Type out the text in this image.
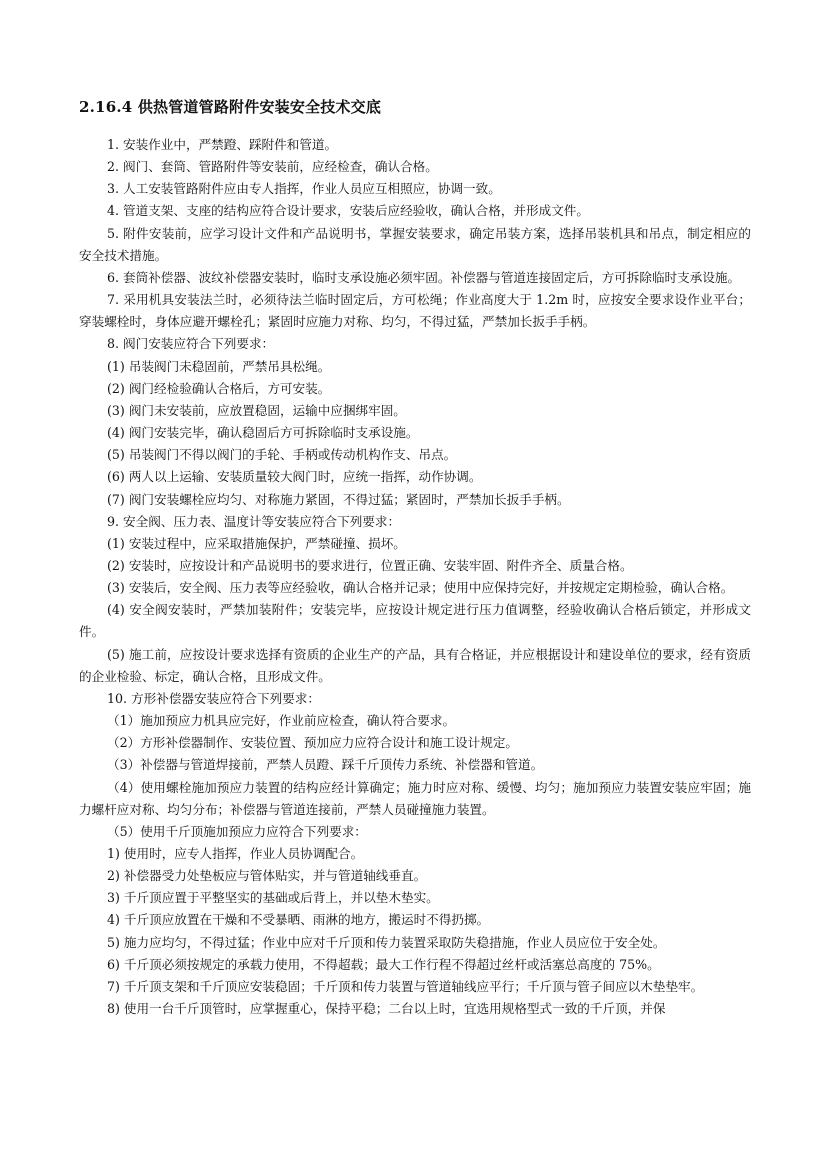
2.16.4 供热管道管路附件安装安全技术交底

1. 安装作业中，严禁蹬、踩附件和管道。

2. 阀门、套筒、管路附件等安装前，应经检查，确认合格。

3. 人工安装管路附件应由专人指挥，作业人员应互相照应，协调一致。

4. 管道支架、支座的结构应符合设计要求，安装后应经验收，确认合格，并形成文件。

5. 附件安装前，应学习设计文件和产品说明书，掌握安装要求，确定吊装方案，选择吊装机具和吊点，制定相应的安全技术措施。

6. 套筒补偿器、波纹补偿器安装时，临时支承设施必须牢固。补偿器与管道连接固定后，方可拆除临时支承设施。

7. 采用机具安装法兰时，必须待法兰临时固定后，方可松绳；作业高度大于 1.2m 时，应按安全要求设作业平台；穿装螺栓时，身体应避开螺栓孔；紧固时应施力对称、均匀，不得过猛，严禁加长扳手手柄。

8. 阀门安装应符合下列要求：

(1) 吊装阀门未稳固前，严禁吊具松绳。

(2) 阀门经检验确认合格后，方可安装。

(3) 阀门未安装前，应放置稳固，运输中应捆绑牢固。

(4) 阀门安装完毕，确认稳固后方可拆除临时支承设施。

(5) 吊装阀门不得以阀门的手轮、手柄或传动机构作支、吊点。

(6) 两人以上运输、安装质量较大阀门时，应统一指挥，动作协调。

(7) 阀门安装螺栓应均匀、对称施力紧固，不得过猛；紧固时，严禁加长扳手手柄。

9. 安全阀、压力表、温度计等安装应符合下列要求：

(1) 安装过程中，应采取措施保护，严禁碰撞、损坏。

(2) 安装时，应按设计和产品说明书的要求进行，位置正确、安装牢固、附件齐全、质量合格。

(3) 安装后，安全阀、压力表等应经验收，确认合格并记录；使用中应保持完好，并按规定定期检验，确认合格。

(4) 安全阀安装时，严禁加装附件；安装完毕，应按设计规定进行压力值调整，经验收确认合格后锁定，并形成文件。

(5) 施工前，应按设计要求选择有资质的企业生产的产品，具有合格证，并应根据设计和建设单位的要求，经有资质的企业检验、标定，确认合格，且形成文件。

10. 方形补偿器安装应符合下列要求：

（1）施加预应力机具应完好，作业前应检查，确认符合要求。

（2）方形补偿器制作、安装位置、预加应力应符合设计和施工设计规定。

（3）补偿器与管道焊接前，严禁人员蹬、踩千斤顶传力系统、补偿器和管道。

（4）使用螺栓施加预应力装置的结构应经计算确定；施力时应对称、缓慢、均匀；施加预应力装置安装应牢固；施力螺杆应对称、均匀分布；补偿器与管道连接前，严禁人员碰撞施力装置。

（5）使用千斤顶施加预应力应符合下列要求：

1) 使用时，应专人指挥，作业人员协调配合。

2) 补偿器受力处垫板应与管体贴实，并与管道轴线垂直。

3) 千斤顶应置于平整坚实的基础或后背上，并以垫木垫实。

4) 千斤顶应放置在干燥和不受暴晒、雨淋的地方，搬运时不得扔掷。

5) 施力应均匀，不得过猛；作业中应对千斤顶和传力装置采取防失稳措施，作业人员应位于安全处。

6) 千斤顶必须按规定的承载力使用，不得超载；最大工作行程不得超过丝杆或活塞总高度的 75%。

7) 千斤顶支架和千斤顶应安装稳固；千斤顶和传力装置与管道轴线应平行；千斤顶与管子间应以木垫垫牢。

8) 使用一台千斤顶管时，应掌握重心，保持平稳；二台以上时，宜选用规格型式一致的千斤顶，并保
